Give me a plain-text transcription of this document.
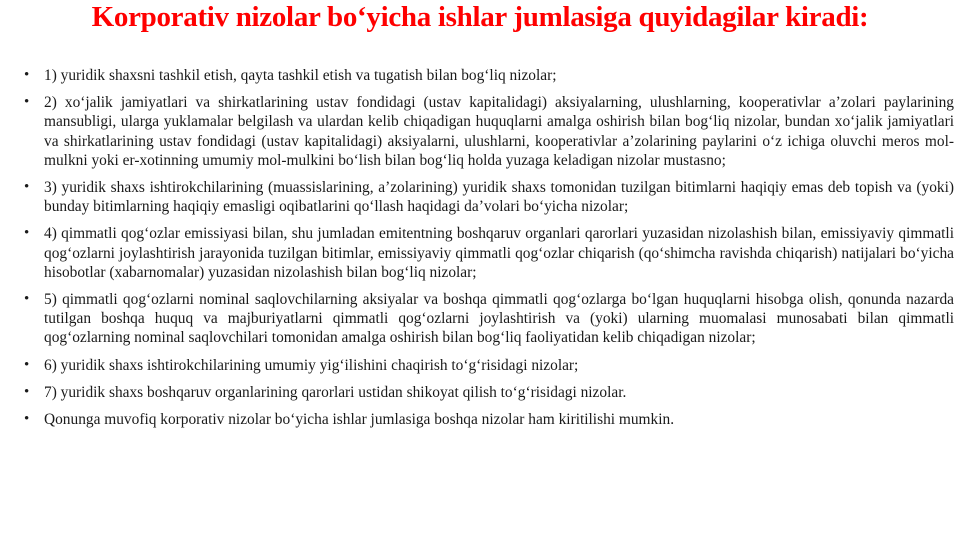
Korporativ nizolar bo‘yicha ishlar jumlasiga quyidagilar kiradi:
• 1) yuridik shaxsni tashkil etish, qayta tashkil etish va tugatish bilan bog‘liq nizolar;
• 2) xo‘jalik jamiyatlari va shirkatlarining ustav fondidagi (ustav kapitalidagi) aksiyalarning, ulushlarning, kooperativlar a’zolari paylarining mansubligi, ularga yuklamalar belgilash va ulardan kelib chiqadigan huquqlarni amalga oshirish bilan bog‘liq nizolar, bundan xo‘jalik jamiyatlari va shirkatlarining ustav fondidagi (ustav kapitalidagi) aksiyalarni, ulushlarni, kooperativlar a’zolarining paylarini o‘z ichiga oluvchi meros mol-mulkni yoki er-xotinning umumiy mol-mulkini bo‘lish bilan bog‘liq holda yuzaga keladigan nizolar mustasno;
• 3) yuridik shaxs ishtirokchilarining (muassislarining, a’zolarining) yuridik shaxs tomonidan tuzilgan bitimlarni haqiqiy emas deb topish va (yoki) bunday bitimlarning haqiqiy emasligi oqibatlarini qo‘llash haqidagi da’volari bo‘yicha nizolar;
• 4) qimmatli qog‘ozlar emissiyasi bilan, shu jumladan emitentning boshqaruv organlari qarorlari yuzasidan nizolashish bilan, emissiyaviy qimmatli qog‘ozlarni joylashtirish jarayonida tuzilgan bitimlar, emissiyaviy qimmatli qog‘ozlar chiqarish (qo‘shimcha ravishda chiqarish) natijalari bo‘yicha hisobotlar (xabarnomalar) yuzasidan nizolashish bilan bog‘liq nizolar;
• 5) qimmatli qog‘ozlarni nominal saqlovchilarning aksiyalar va boshqa qimmatli qog‘ozlarga bo‘lgan huquqlarni hisobga olish, qonunda nazarda tutilgan boshqa huquq va majburiyatlarni qimmatli qog‘ozlarni joylashtirish va (yoki) ularning muomalasi munosabati bilan qimmatli qog‘ozlarning nominal saqlovchilari tomonidan amalga oshirish bilan bog‘liq faoliyatidan kelib chiqadigan nizolar;
• 6) yuridik shaxs ishtirokchilarining umumiy yig‘ilishini chaqirish to‘g‘risidagi nizolar;
• 7) yuridik shaxs boshqaruv organlarining qarorlari ustidan shikoyat qilish to‘g‘risidagi nizolar.
• Qonunga muvofiq korporativ nizolar bo‘yicha ishlar jumlasiga boshqa nizolar ham kiritilishi mumkin.
